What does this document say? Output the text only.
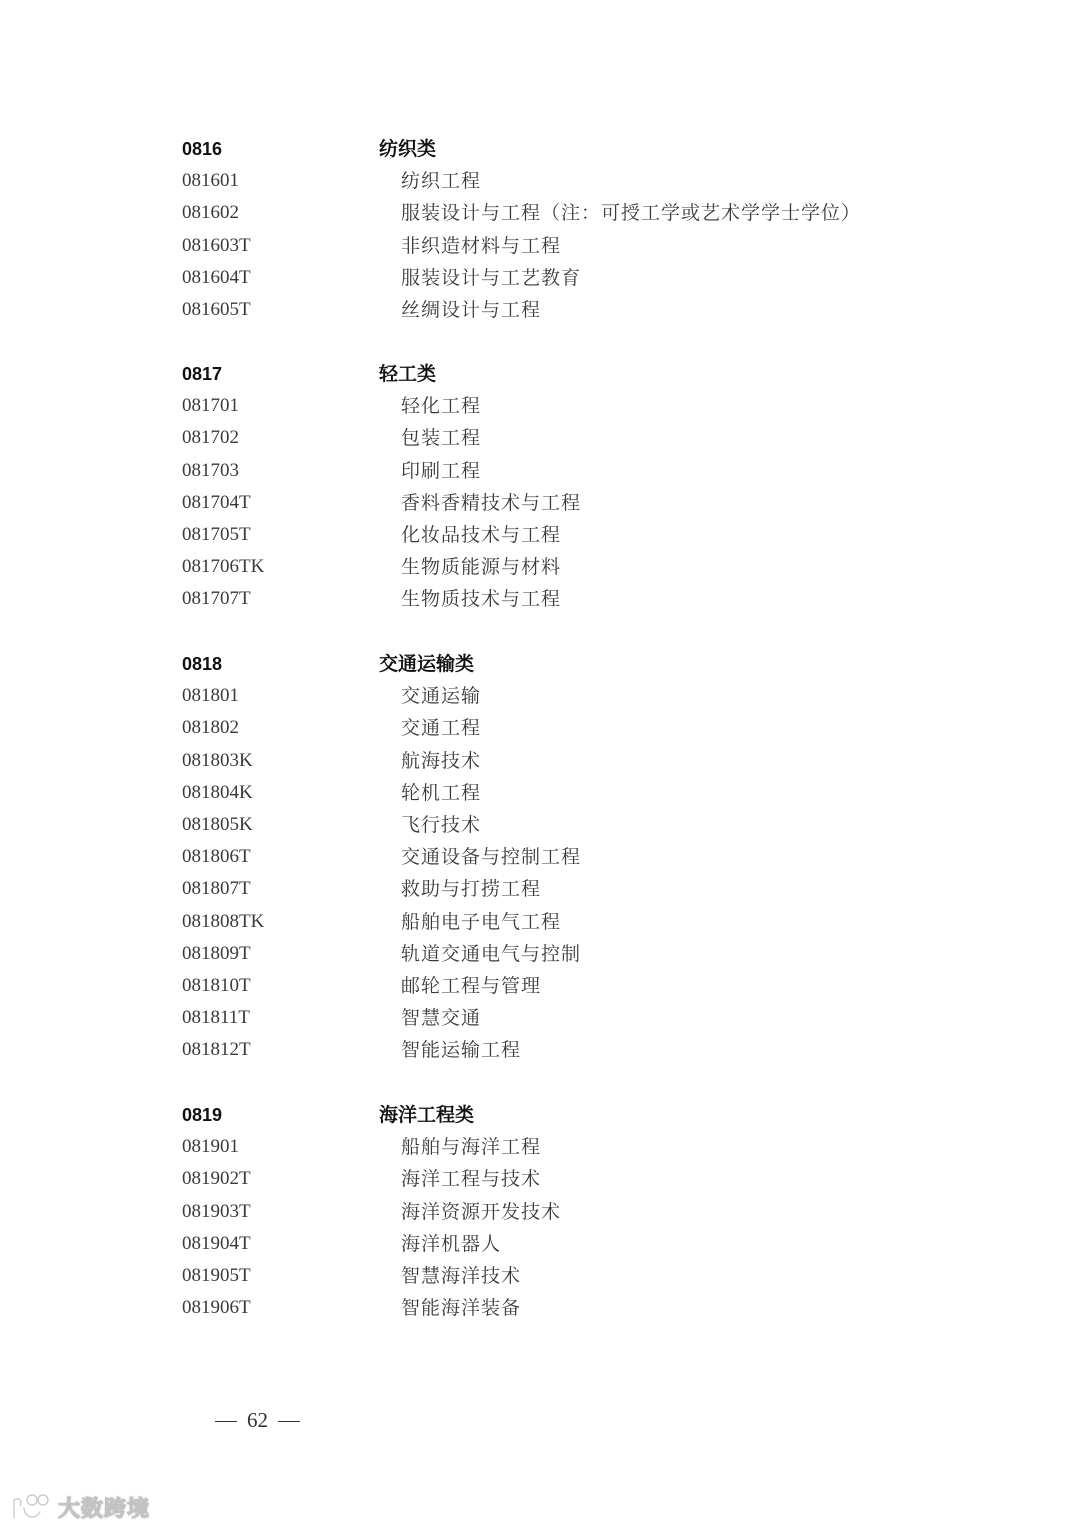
0816	纺织类
081601	纺织工程
081602	服装设计与工程（注：可授工学或艺术学学士学位）
081603T	非织造材料与工程
081604T	服装设计与工艺教育
081605T	丝绸设计与工程
0817	轻工类
081701	轻化工程
081702	包装工程
081703	印刷工程
081704T	香料香精技术与工程
081705T	化妆品技术与工程
081706TK	生物质能源与材料
081707T	生物质技术与工程
0818	交通运输类
081801	交通运输
081802	交通工程
081803K	航海技术
081804K	轮机工程
081805K	飞行技术
081806T	交通设备与控制工程
081807T	救助与打捞工程
081808TK	船舶电子电气工程
081809T	轨道交通电气与控制
081810T	邮轮工程与管理
081811T	智慧交通
081812T	智能运输工程
0819	海洋工程类
081901	船舶与海洋工程
081902T	海洋工程与技术
081903T	海洋资源开发技术
081904T	海洋机器人
081905T	智慧海洋技术
081906T	智能海洋装备
62
大数跨境
